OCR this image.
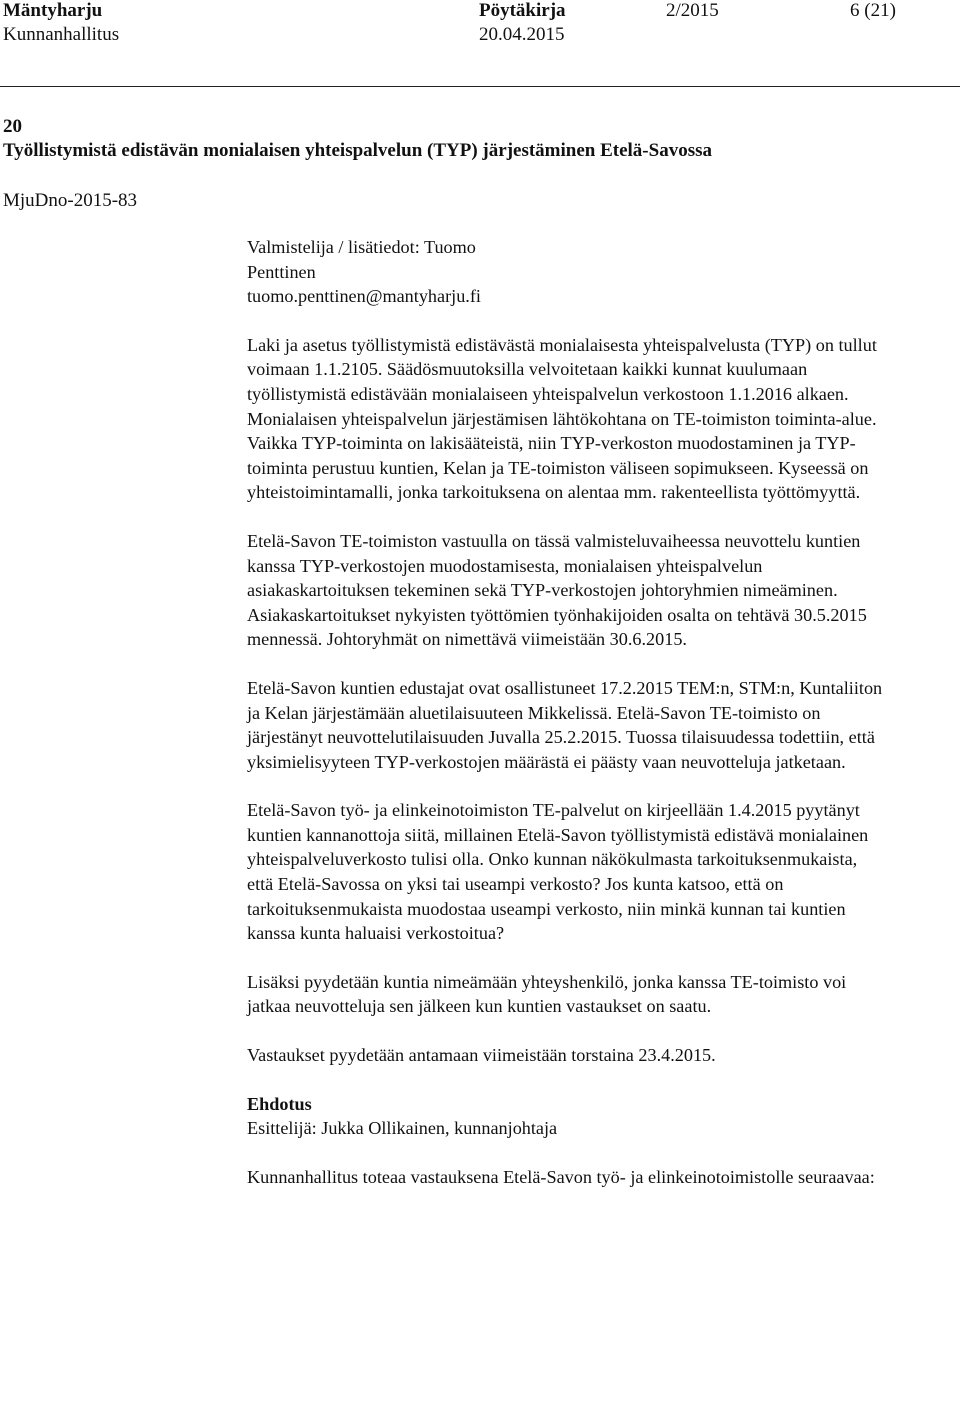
Mäntyharju	Pöytäkirja	2/2015	6 (21)
Kunnanhallitus	20.04.2015
20
Työllistymistä edistävän monialaisen yhteispalvelun (TYP) järjestäminen Etelä-Savossa
MjuDno-2015-83

Valmistelija / lisätiedot: Tuomo

Penttinen

tuomo.penttinen@mantyharju.fi

Laki ja asetus työllistymistä edistävästä monialaisesta yhteispalvelusta (TYP) on tullut voimaan 1.1.2105. Säädösmuutoksilla velvoitetaan kaikki kunnat kuulumaan työllistymistä edistävään monialaiseen yhteispalvelun verkostoon 1.1.2016 alkaen. Monialaisen yhteispalvelun järjestämisen lähtökohtana on TE-toimiston toiminta-alue. Vaikka TYP-toiminta on lakisääteistä, niin TYP-verkoston muodostaminen ja TYP-toiminta perustuu kuntien, Kelan ja TE-toimiston väliseen sopimukseen. Kyseessä on yhteistoimintamalli, jonka tarkoituksena on alentaa mm. rakenteellista työttömyyttä.

Etelä-Savon TE-toimiston vastuulla on tässä valmisteluvaiheessa neuvottelu kuntien kanssa TYP-verkostojen muodostamisesta, monialaisen yhteispalvelun asiakaskartoituksen tekeminen sekä TYP-verkostojen johtoryhmien nimeäminen. Asiakaskartoitukset nykyisten työttömien työnhakijoiden osalta on tehtävä 30.5.2015 mennessä. Johtoryhmät on nimettävä viimeistään 30.6.2015.

Etelä-Savon kuntien edustajat ovat osallistuneet 17.2.2015 TEM:n, STM:n, Kuntaliiton ja Kelan järjestämään aluetilaisuuteen Mikkelissä. Etelä-Savon TE-toimisto on järjestänyt neuvottelutilaisuuden Juvalla 25.2.2015. Tuossa tilaisuudessa todettiin, että yksimielisyyteen TYP-verkostojen määrästä ei päästy vaan neuvotteluja jatketaan.

Etelä-Savon työ- ja elinkeinotoimiston TE-palvelut on kirjeellään 1.4.2015 pyytänyt kuntien kannanottoja siitä, millainen Etelä-Savon työllistymistä edistävä monialainen yhteispalveluverkosto tulisi olla. Onko kunnan näkökulmasta tarkoituksenmukaista, että Etelä-Savossa on yksi tai useampi verkosto? Jos kunta katsoo, että on tarkoituksenmukaista muodostaa useampi verkosto, niin minkä kunnan tai kuntien kanssa kunta haluaisi verkostoitua?

Lisäksi pyydetään kuntia nimeämään yhteyshenkilö, jonka kanssa TE-toimisto voi jatkaa neuvotteluja sen jälkeen kun kuntien vastaukset on saatu.

Vastaukset pyydetään antamaan viimeistään torstaina 23.4.2015.

Ehdotus

Esittelijä: Jukka Ollikainen, kunnanjohtaja

Kunnanhallitus toteaa vastauksena Etelä-Savon työ- ja elinkeinotoimistolle seuraavaa:
